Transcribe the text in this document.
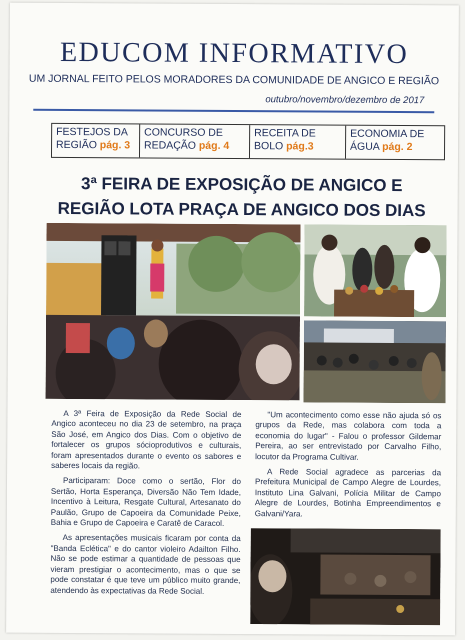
EDUCOM INFORMATIVO
UM JORNAL FEITO PELOS MORADORES DA COMUNIDADE DE ANGICO E REGIÃO
outubro/novembro/dezembro de 2017
FESTEJOS DA
REGIÃO pág. 3
CONCURSO DE
REDAÇÃO pág. 4
RECEITA DE
BOLO pág.3
ECONOMIA DE
ÁGUA pág. 2
3ª FEIRA DE EXPOSIÇÃO DE ANGICO E
REGIÃO LOTA PRAÇA DE ANGICO DOS DIAS

A 3ª Feira de Exposição da Rede Social de Angico aconteceu no dia 23 de setembro, na praça São José, em Angico dos Dias. Com o objetivo de fortalecer os grupos sócioprodutivos e culturais, foram apresentados durante o evento os sabores e saberes locais da região.

Participaram: Doce como o sertão, Flor do Sertão, Horta Esperança, Diversão Não Tem Idade, Incentivo à Leitura, Resgate Cultural, Artesanato do Paulão, Grupo de Capoeira da Comunidade Peixe, Bahia e Grupo de Capoeira e Caratê de Caracol.

As apresentações musicais ficaram por conta da "Banda Eclética" e do cantor violeiro Adailton Filho. Não se pode estimar a quantidade de pessoas que vieram prestigiar o acontecimento, mas o que se pode constatar é que teve um público muito grande, atendendo às expectativas da Rede Social.

"Um acontecimento como esse não ajuda só os grupos da Rede, mas colabora com toda a economia do lugar" - Falou o professor Gildemar Pereira, ao ser entrevistado por Carvalho Filho, locutor da Programa Cultivar.

A Rede Social agradece as parcerias da Prefeitura Municipal de Campo Alegre de Lourdes, Instituto Lina Galvani, Polícia Militar de Campo Alegre de Lourdes, Botinha Empreendimentos e Galvani/Yara.
